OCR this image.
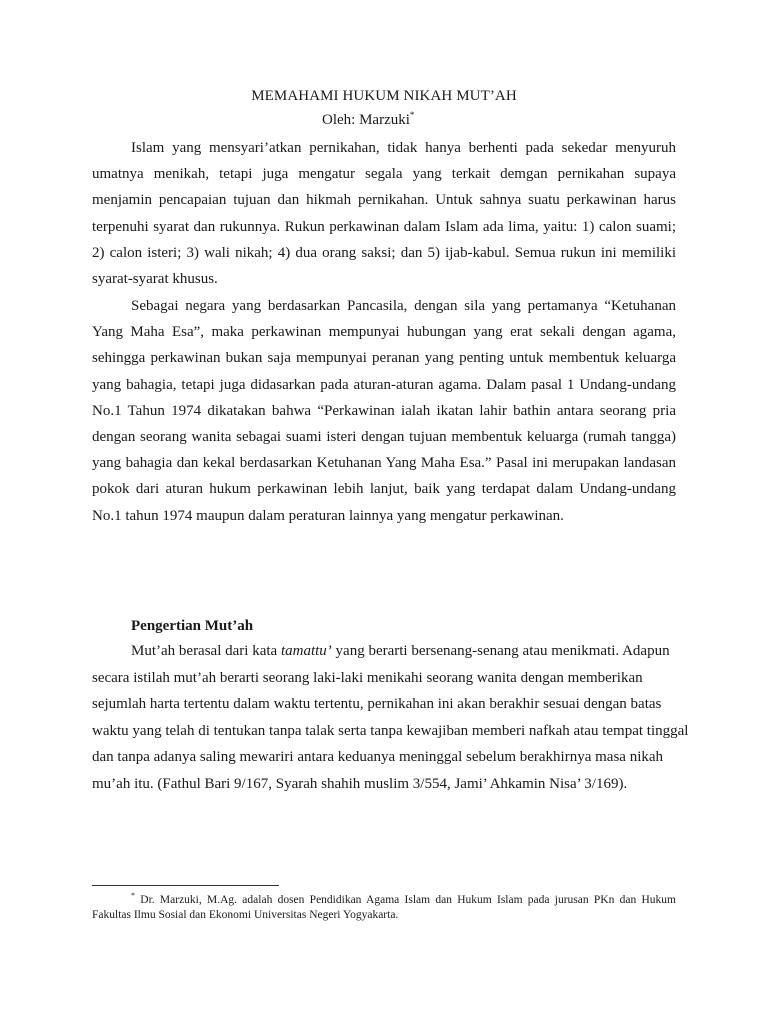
MEMAHAMI HUKUM NIKAH MUT’AH
Oleh: Marzuki*

Islam yang mensyari’atkan pernikahan, tidak hanya berhenti pada sekedar menyuruh umatnya menikah, tetapi juga mengatur segala yang terkait demgan pernikahan supaya menjamin pencapaian tujuan dan hikmah pernikahan. Untuk sahnya suatu perkawinan harus terpenuhi syarat dan rukunnya. Rukun perkawinan dalam Islam ada lima, yaitu: 1) calon suami; 2) calon isteri; 3) wali nikah; 4) dua orang saksi; dan 5) ijab-kabul. Semua rukun ini memiliki syarat-syarat khusus.

Sebagai negara yang berdasarkan Pancasila, dengan sila yang pertamanya “Ketuhanan Yang Maha Esa”, maka perkawinan mempunyai hubungan yang erat sekali dengan agama, sehingga perkawinan bukan saja mempunyai peranan yang penting untuk membentuk keluarga yang bahagia, tetapi juga didasarkan pada aturan-aturan agama. Dalam pasal 1 Undang-undang No.1 Tahun 1974 dikatakan bahwa “Perkawinan ialah ikatan lahir bathin antara seorang pria dengan seorang wanita sebagai suami isteri dengan tujuan membentuk keluarga (rumah tangga) yang bahagia dan kekal berdasarkan Ketuhanan Yang Maha Esa.” Pasal ini merupakan landasan pokok dari aturan hukum perkawinan lebih lanjut, baik yang terdapat dalam Undang-undang No.1 tahun 1974 maupun dalam peraturan lainnya yang mengatur perkawinan.

Pengertian Mut’ah

Mut’ah berasal dari kata tamattu’ yang berarti bersenang-senang atau menikmati. Adapun secara istilah mut’ah berarti seorang laki-laki menikahi seorang wanita dengan memberikan sejumlah harta tertentu dalam waktu tertentu, pernikahan ini akan berakhir sesuai dengan batas waktu yang telah di tentukan tanpa talak serta tanpa kewajiban memberi nafkah atau tempat tinggal dan tanpa adanya saling mewariri antara keduanya meninggal sebelum berakhirnya masa nikah mu’ah itu. (Fathul Bari 9/167, Syarah shahih muslim 3/554, Jami’ Ahkamin Nisa’ 3/169).

* Dr. Marzuki, M.Ag. adalah dosen Pendidikan Agama Islam dan Hukum Islam pada jurusan PKn dan Hukum Fakultas Ilmu Sosial dan Ekonomi Universitas Negeri Yogyakarta.
